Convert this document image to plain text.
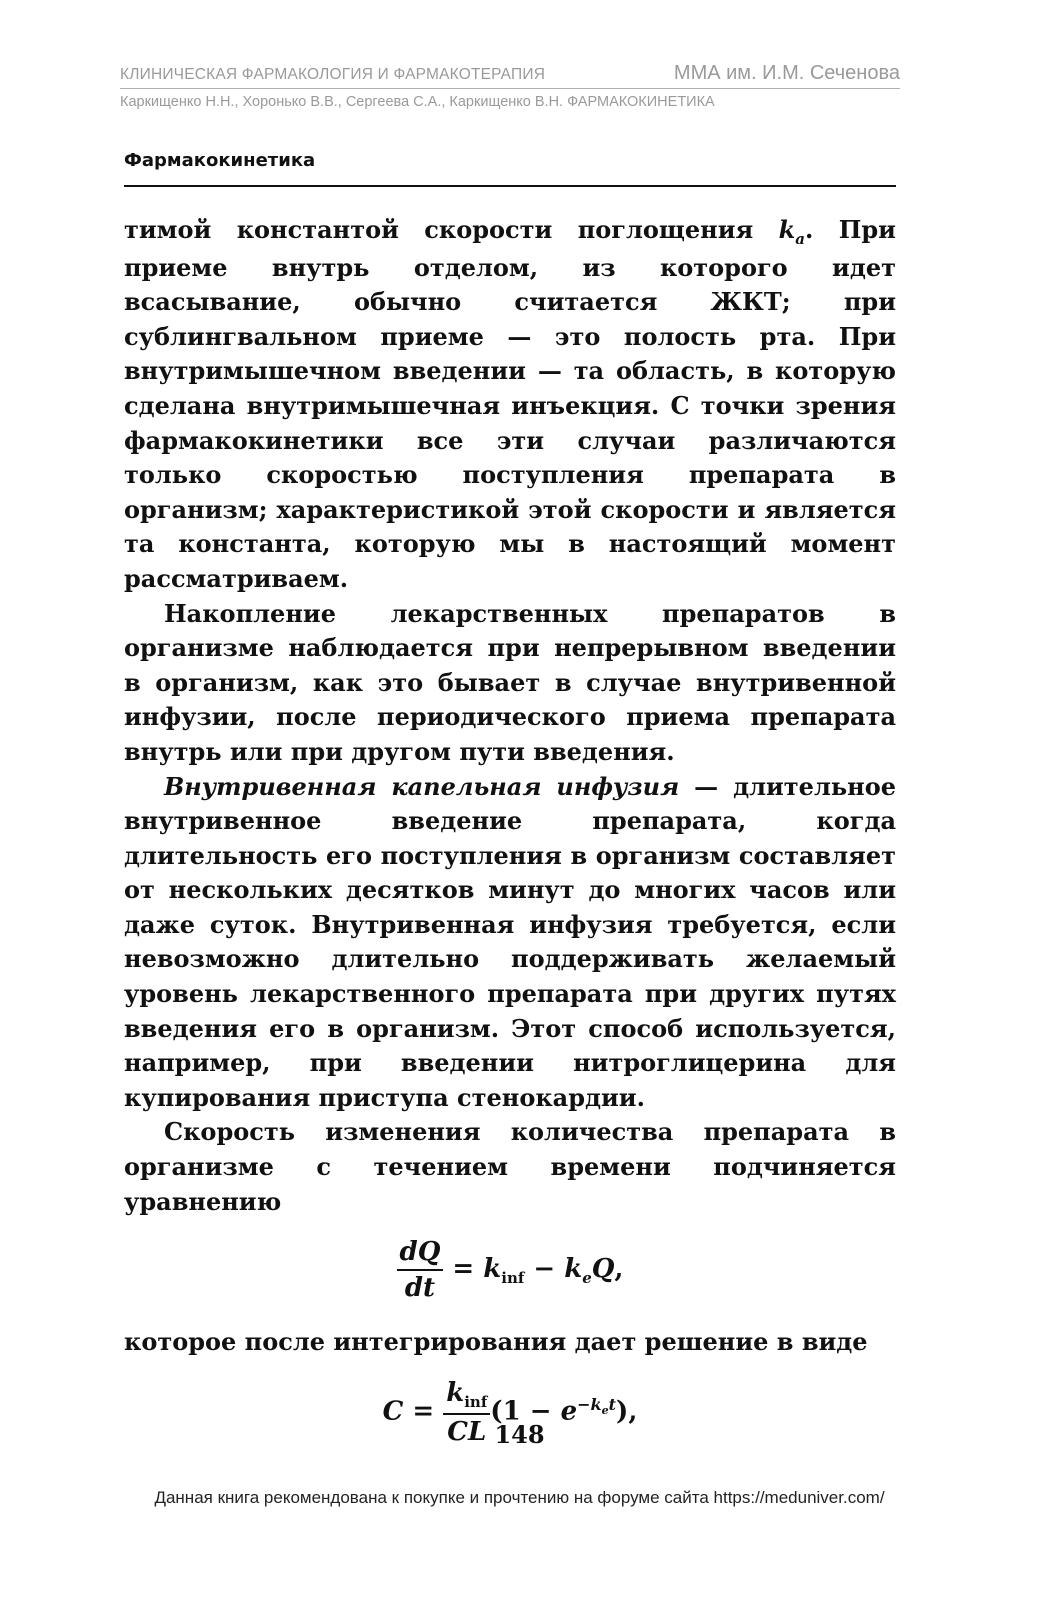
КЛИНИЧЕСКАЯ ФАРМАКОЛОГИЯ И ФАРМАКОТЕРАПИЯ	ММА им. И.М. Сеченова
Каркищенко Н.Н., Хоронько В.В., Сергеева С.А., Каркищенко В.Н. ФАРМАКОКИНЕТИКА
Фармакокинетика

тимой константой скорости поглощения $k_a$. При приеме внутрь отделом, из которого идет всасывание, обычно считается ЖКТ; при сублингвальном приеме — это полость рта. При внутримышечном введении — та область, в которую сделана внутримышечная инъекция. С точки зрения фармакокинетики все эти случаи различаются только скоростью поступления препарата в организм; характеристикой этой скорости и является та константа, которую мы в настоящий момент рассматриваем.

Накопление лекарственных препаратов в организме наблюдается при непрерывном введении в организм, как это бывает в случае внутривенной инфузии, после периодического приема препарата внутрь или при другом пути введения.

Внутривенная капельная инфузия — длительное внутривенное введение препарата, когда длительность его поступления в организм составляет от нескольких десятков минут до многих часов или даже суток. Внутривенная инфузия требуется, если невозможно длительно поддерживать желаемый уровень лекарственного препарата при других путях введения его в организм. Этот способ используется, например, при введении нитроглицерина для купирования приступа стенокардии.

Скорость изменения количества препарата в организме с течением времени подчиняется уравнению

$\frac{dQ}{dt} = k_{inf} - k_eQ$,

которое после интегрирования дает решение в виде

$C = \frac{k_{inf}}{CL} (1 - e^{-k_et})$,

148
Данная книга рекомендована к покупке и прочтению на форуме сайта https://meduniver.com/
